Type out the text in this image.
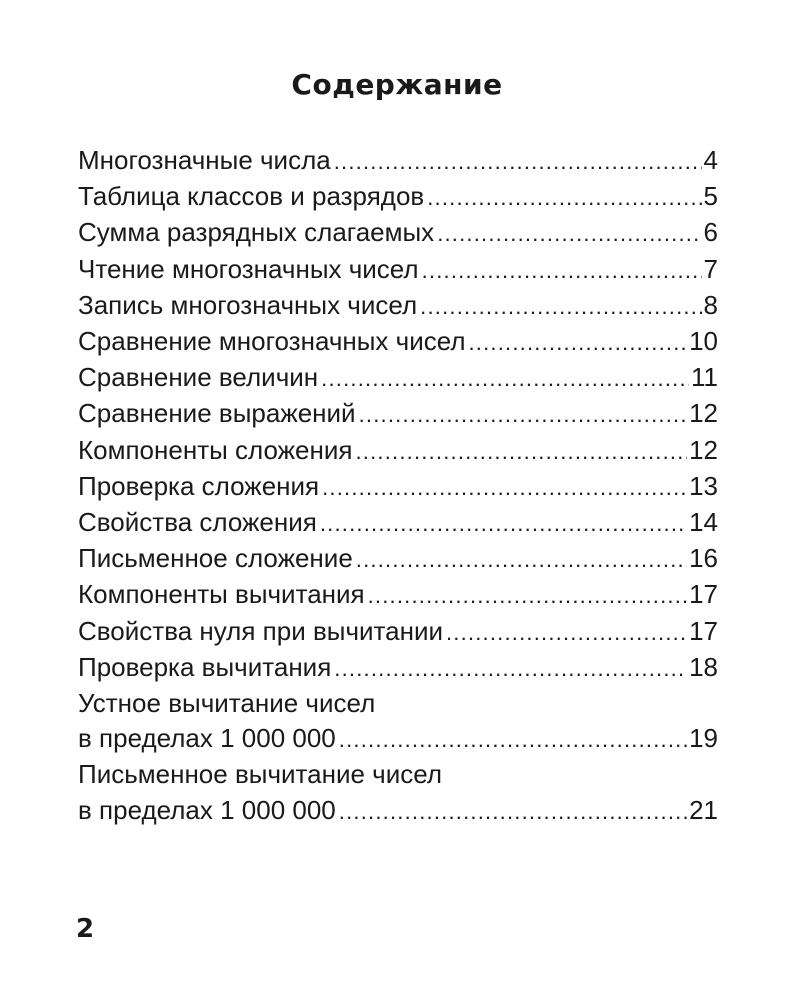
Содержание
Многозначные числа .....	4
Таблица классов и разрядов .....	5
Сумма разрядных слагаемых .....	6
Чтение многозначных чисел .....	7
Запись многозначных чисел .....	8
Сравнение многозначных чисел .....	10
Сравнение величин .....	11
Сравнение выражений .....	12
Компоненты сложения .....	12
Проверка сложения .....	13
Свойства сложения .....	14
Письменное сложение .....	16
Компоненты вычитания .....	17
Свойства нуля при вычитании .....	17
Проверка вычитания .....	18
Устное вычитание чисел
в пределах 1 000 000 .....	19
Письменное вычитание чисел
в пределах 1 000 000 .....	21
2
